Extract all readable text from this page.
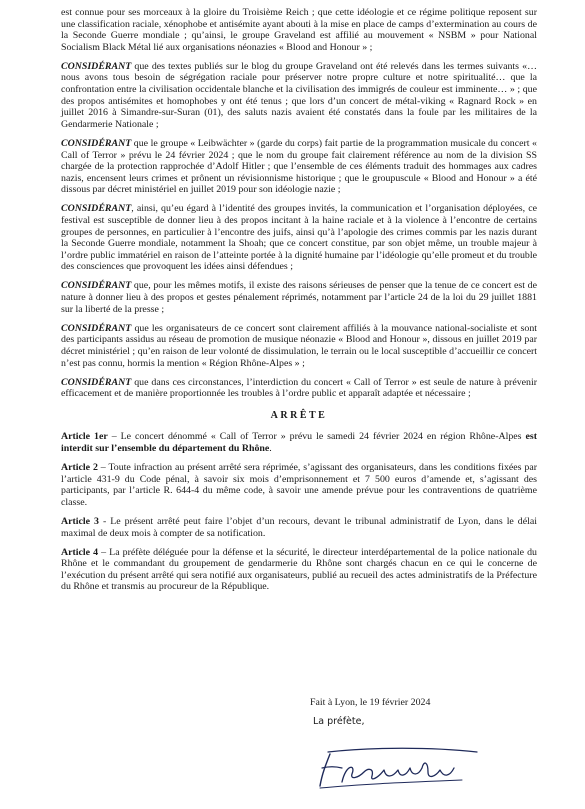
est connue pour ses morceaux à la gloire du Troisième Reich ; que cette idéologie et ce régime politique reposent sur une classification raciale, xénophobe et antisémite ayant abouti à la mise en place de camps d’extermination au cours de la Seconde Guerre mondiale ; qu’ainsi, le groupe Graveland est affilié au mouvement « NSBM » pour National Socialism Black Métal lié aux organisations néonazies « Blood and Honour » ;

CONSIDÉRANT que des textes publiés sur le blog du groupe Graveland ont été relevés dans les termes suivants «…nous avons tous besoin de ségrégation raciale pour préserver notre propre culture et notre spiritualité… que la confrontation entre la civilisation occidentale blanche et la civilisation des immigrés de couleur est imminente… » ; que des propos antisémites et homophobes y ont été tenus ; que lors d’un concert de métal-viking « Ragnard Rock » en juillet 2016 à Simandre-sur-Suran (01), des saluts nazis avaient été constatés dans la foule par les militaires de la Gendarmerie Nationale ;

CONSIDÉRANT que le groupe « Leibwächter » (garde du corps) fait partie de la programmation musicale du concert « Call of Terror » prévu le 24 février 2024 ; que le nom du groupe fait clairement référence au nom de la division SS chargée de la protection rapprochée d’Adolf Hitler ; que l’ensemble de ces éléments traduit des hommages aux cadres nazis, encensent leurs crimes et prônent un révisionnisme historique ; que le groupuscule « Blood and Honour » a été dissous par décret ministériel en juillet 2019 pour son idéologie nazie ;

CONSIDÉRANT, ainsi, qu’eu égard à l’identité des groupes invités, la communication et l’organisation déployées, ce festival est susceptible de donner lieu à des propos incitant à la haine raciale et à la violence à l’encontre de certains groupes de personnes, en particulier à l’encontre des juifs, ainsi qu’à l’apologie des crimes commis par les nazis durant la Seconde Guerre mondiale, notamment la Shoah; que ce concert constitue, par son objet même, un trouble majeur à l’ordre public immatériel en raison de l’atteinte portée à la dignité humaine par l’idéologie qu’elle promeut et du trouble des consciences que provoquent les idées ainsi défendues ;

CONSIDÉRANT que, pour les mêmes motifs, il existe des raisons sérieuses de penser que la tenue de ce concert est de nature à donner lieu à des propos et gestes pénalement réprimés, notamment par l’article 24 de la loi du 29 juillet 1881 sur la liberté de la presse ;

CONSIDÉRANT que les organisateurs de ce concert sont clairement affiliés à la mouvance national-socialiste et sont des participants assidus au réseau de promotion de musique néonazie « Blood and Honour », dissous en juillet 2019 par décret ministériel ; qu’en raison de leur volonté de dissimulation, le terrain ou le local susceptible d’accueillir ce concert n’est pas connu, hormis la mention « Région Rhône-Alpes » ;

CONSIDÉRANT que dans ces circonstances, l’interdiction du concert « Call of Terror » est seule de nature à prévenir efficacement et de manière proportionnée les troubles à l’ordre public et apparaît adaptée et nécessaire ;

ARRÊTE

Article 1er – Le concert dénommé « Call of Terror » prévu le samedi 24 février 2024 en région Rhône-Alpes est interdit sur l’ensemble du département du Rhône.

Article 2 – Toute infraction au présent arrêté sera réprimée, s’agissant des organisateurs, dans les conditions fixées par l’article 431-9 du Code pénal, à savoir six mois d’emprisonnement et 7 500 euros d’amende et, s’agissant des participants, par l’article R. 644-4 du même code, à savoir une amende prévue pour les contraventions de quatrième classe.

Article 3 - Le présent arrêté peut faire l’objet d’un recours, devant le tribunal administratif de Lyon, dans le délai maximal de deux mois à compter de sa notification.

Article 4 – La préfète déléguée pour la défense et la sécurité, le directeur interdépartemental de la police nationale du Rhône et le commandant du groupement de gendarmerie du Rhône sont chargés chacun en ce qui le concerne de l’exécution du présent arrêté qui sera notifié aux organisateurs, publié au recueil des actes administratifs de la Préfecture du Rhône et transmis au procureur de la République.

Fait à Lyon, le 19 février 2024

La préfète,
